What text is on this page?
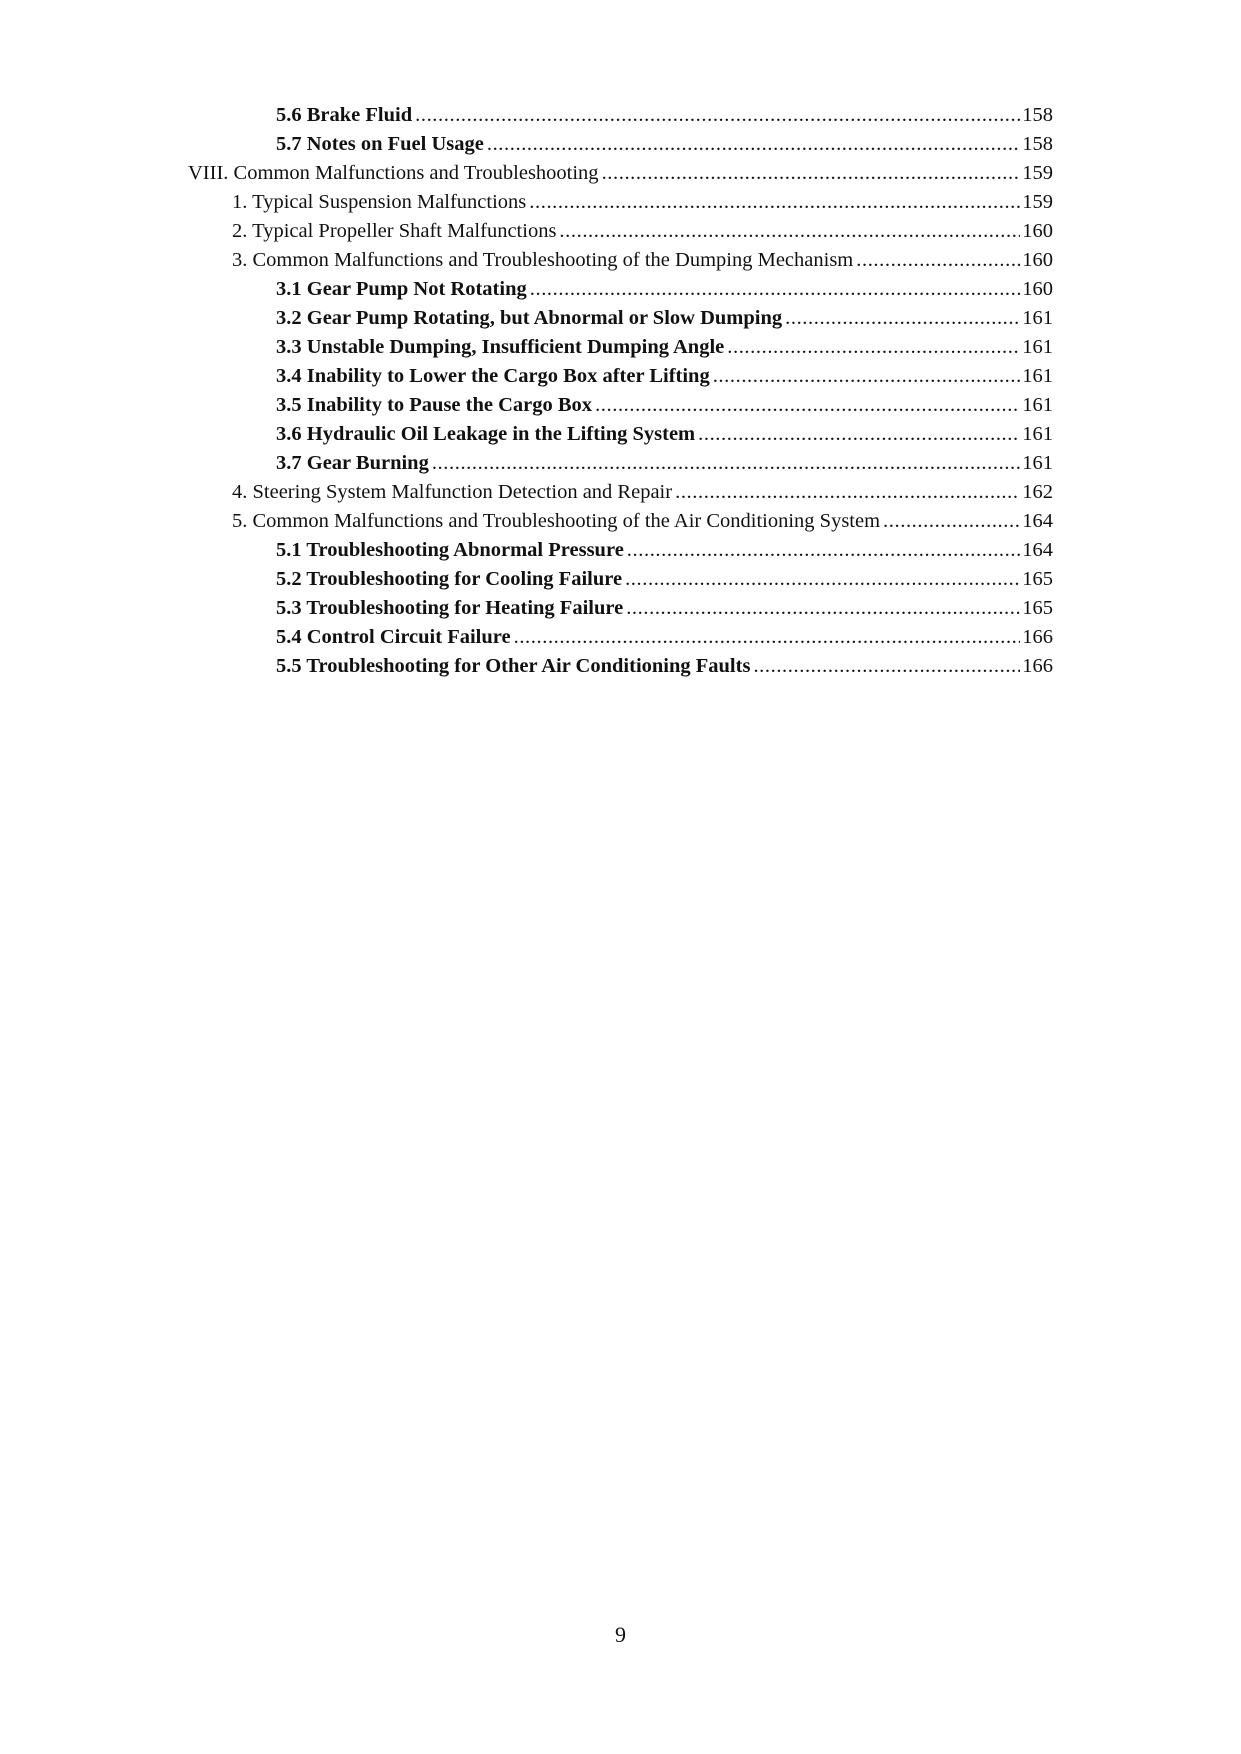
5.6 Brake Fluid .....	158
5.7 Notes on Fuel Usage .....	158
VIII. Common Malfunctions and Troubleshooting .....	159
1. Typical Suspension Malfunctions .....	159
2. Typical Propeller Shaft Malfunctions .....	160
3. Common Malfunctions and Troubleshooting of the Dumping Mechanism .....	160
3.1 Gear Pump Not Rotating .....	160
3.2 Gear Pump Rotating, but Abnormal or Slow Dumping .....	161
3.3 Unstable Dumping, Insufficient Dumping Angle .....	161
3.4 Inability to Lower the Cargo Box after Lifting .....	161
3.5 Inability to Pause the Cargo Box .....	161
3.6 Hydraulic Oil Leakage in the Lifting System .....	161
3.7 Gear Burning .....	161
4. Steering System Malfunction Detection and Repair .....	162
5. Common Malfunctions and Troubleshooting of the Air Conditioning System .....	164
5.1 Troubleshooting Abnormal Pressure .....	164
5.2 Troubleshooting for Cooling Failure .....	165
5.3 Troubleshooting for Heating Failure .....	165
5.4 Control Circuit Failure .....	166
5.5 Troubleshooting for Other Air Conditioning Faults .....	166
9
